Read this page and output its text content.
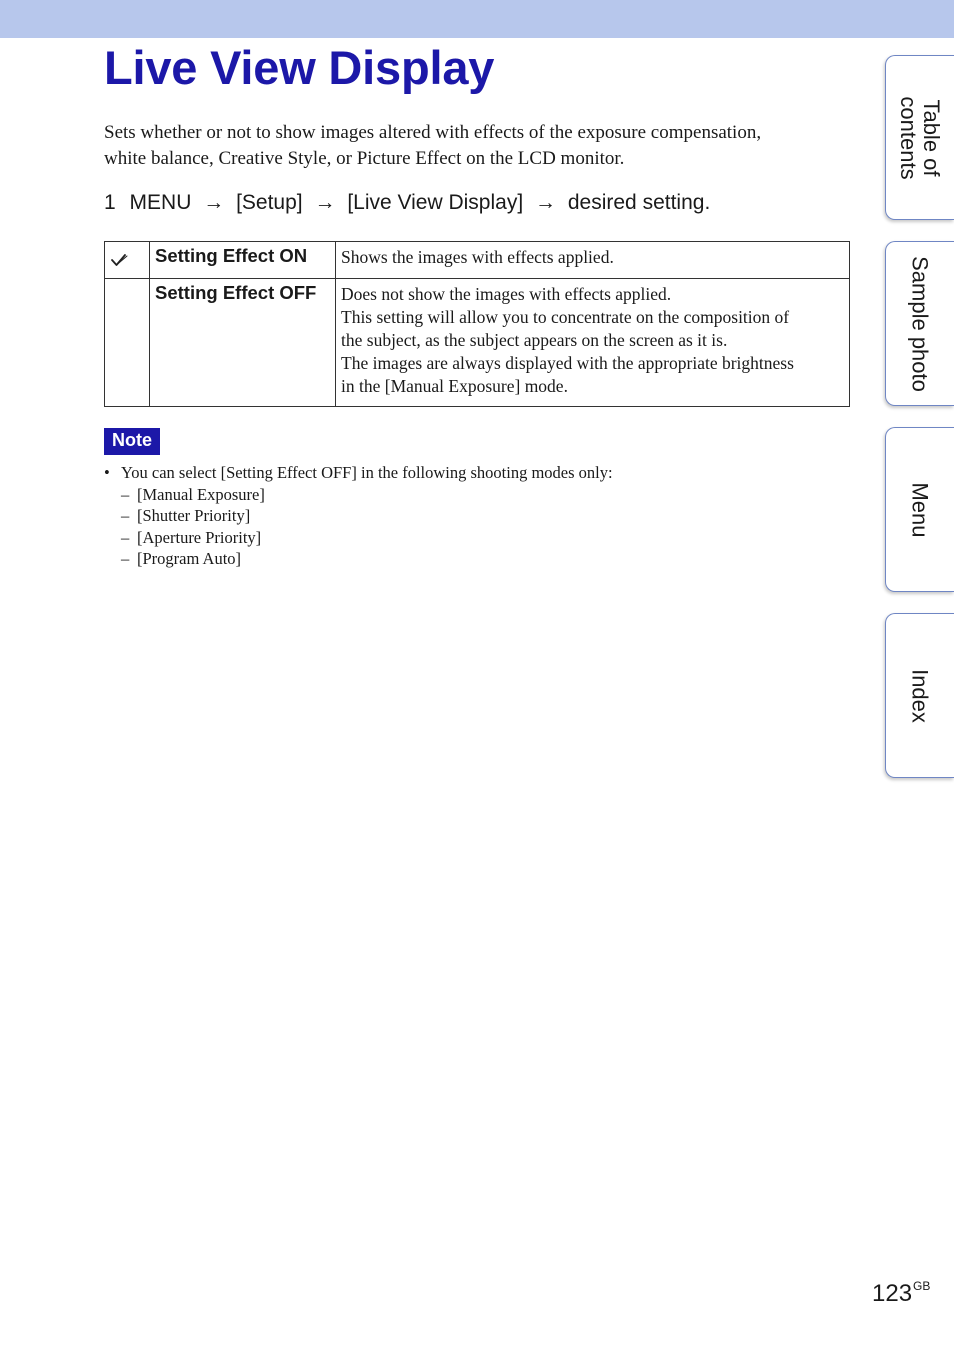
Live View Display
Sets whether or not to show images altered with effects of the exposure compensation,
white balance, Creative Style, or Picture Effect on the LCD monitor.
1 MENU → [Setup] → [Live View Display] → desired setting.
	Setting Effect ON	Shows the images with effects applied.

	Setting Effect OFF	Does not show the images with effects applied.
This setting will allow you to concentrate on the composition of
the subject, as the subject appears on the screen as it is.
The images are always displayed with the appropriate brightness
in the [Manual Exposure] mode.
Note
• You can select [Setting Effect OFF] in the following shooting modes only:
– [Manual Exposure]
– [Shutter Priority]
– [Aperture Priority]
– [Program Auto]
Table of
contents
Sample photo
Menu
Index
$123^{GB}$
